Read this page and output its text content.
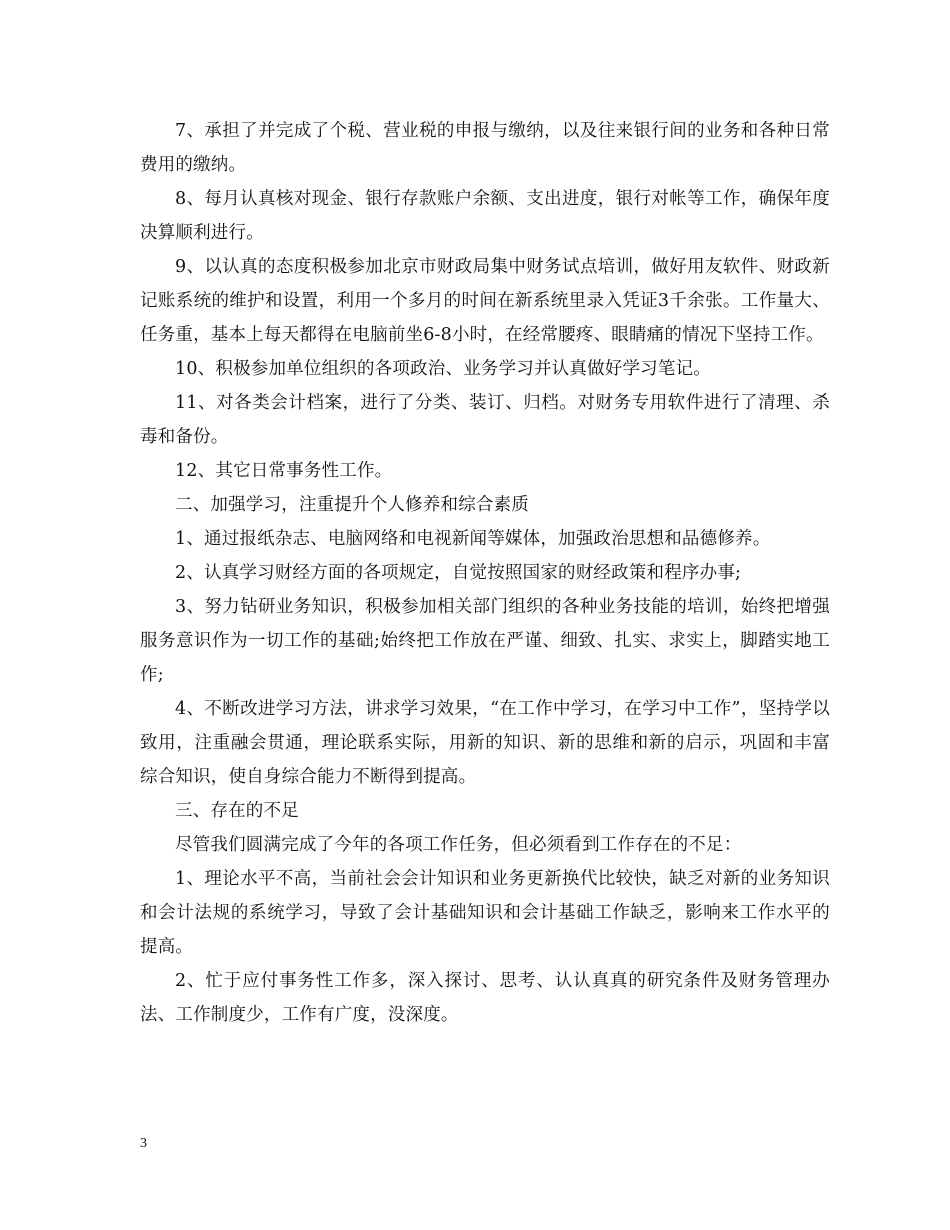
7、承担了并完成了个税、营业税的申报与缴纳，以及往来银行间的业务和各种日常费用的缴纳。

8、每月认真核对现金、银行存款账户余额、支出进度，银行对帐等工作，确保年度决算顺利进行。

9、以认真的态度积极参加北京市财政局集中财务试点培训，做好用友软件、财政新记账系统的维护和设置，利用一个多月的时间在新系统里录入凭证3千余张。工作量大、任务重，基本上每天都得在电脑前坐6-8小时，在经常腰疼、眼睛痛的情况下坚持工作。

10、积极参加单位组织的各项政治、业务学习并认真做好学习笔记。

11、对各类会计档案，进行了分类、装订、归档。对财务专用软件进行了清理、杀毒和备份。

12、其它日常事务性工作。

二、加强学习，注重提升个人修养和综合素质

1、通过报纸杂志、电脑网络和电视新闻等媒体，加强政治思想和品德修养。

2、认真学习财经方面的各项规定，自觉按照国家的财经政策和程序办事;

3、努力钻研业务知识，积极参加相关部门组织的各种业务技能的培训，始终把增强服务意识作为一切工作的基础;始终把工作放在严谨、细致、扎实、求实上，脚踏实地工作;

4、不断改进学习方法，讲求学习效果，“在工作中学习，在学习中工作”，坚持学以致用，注重融会贯通，理论联系实际，用新的知识、新的思维和新的启示，巩固和丰富综合知识，使自身综合能力不断得到提高。

三、存在的不足

尽管我们圆满完成了今年的各项工作任务，但必须看到工作存在的不足：

1、理论水平不高，当前社会会计知识和业务更新换代比较快，缺乏对新的业务知识和会计法规的系统学习，导致了会计基础知识和会计基础工作缺乏，影响来工作水平的提高。

2、忙于应付事务性工作多，深入探讨、思考、认认真真的研究条件及财务管理办法、工作制度少，工作有广度，没深度。

3
